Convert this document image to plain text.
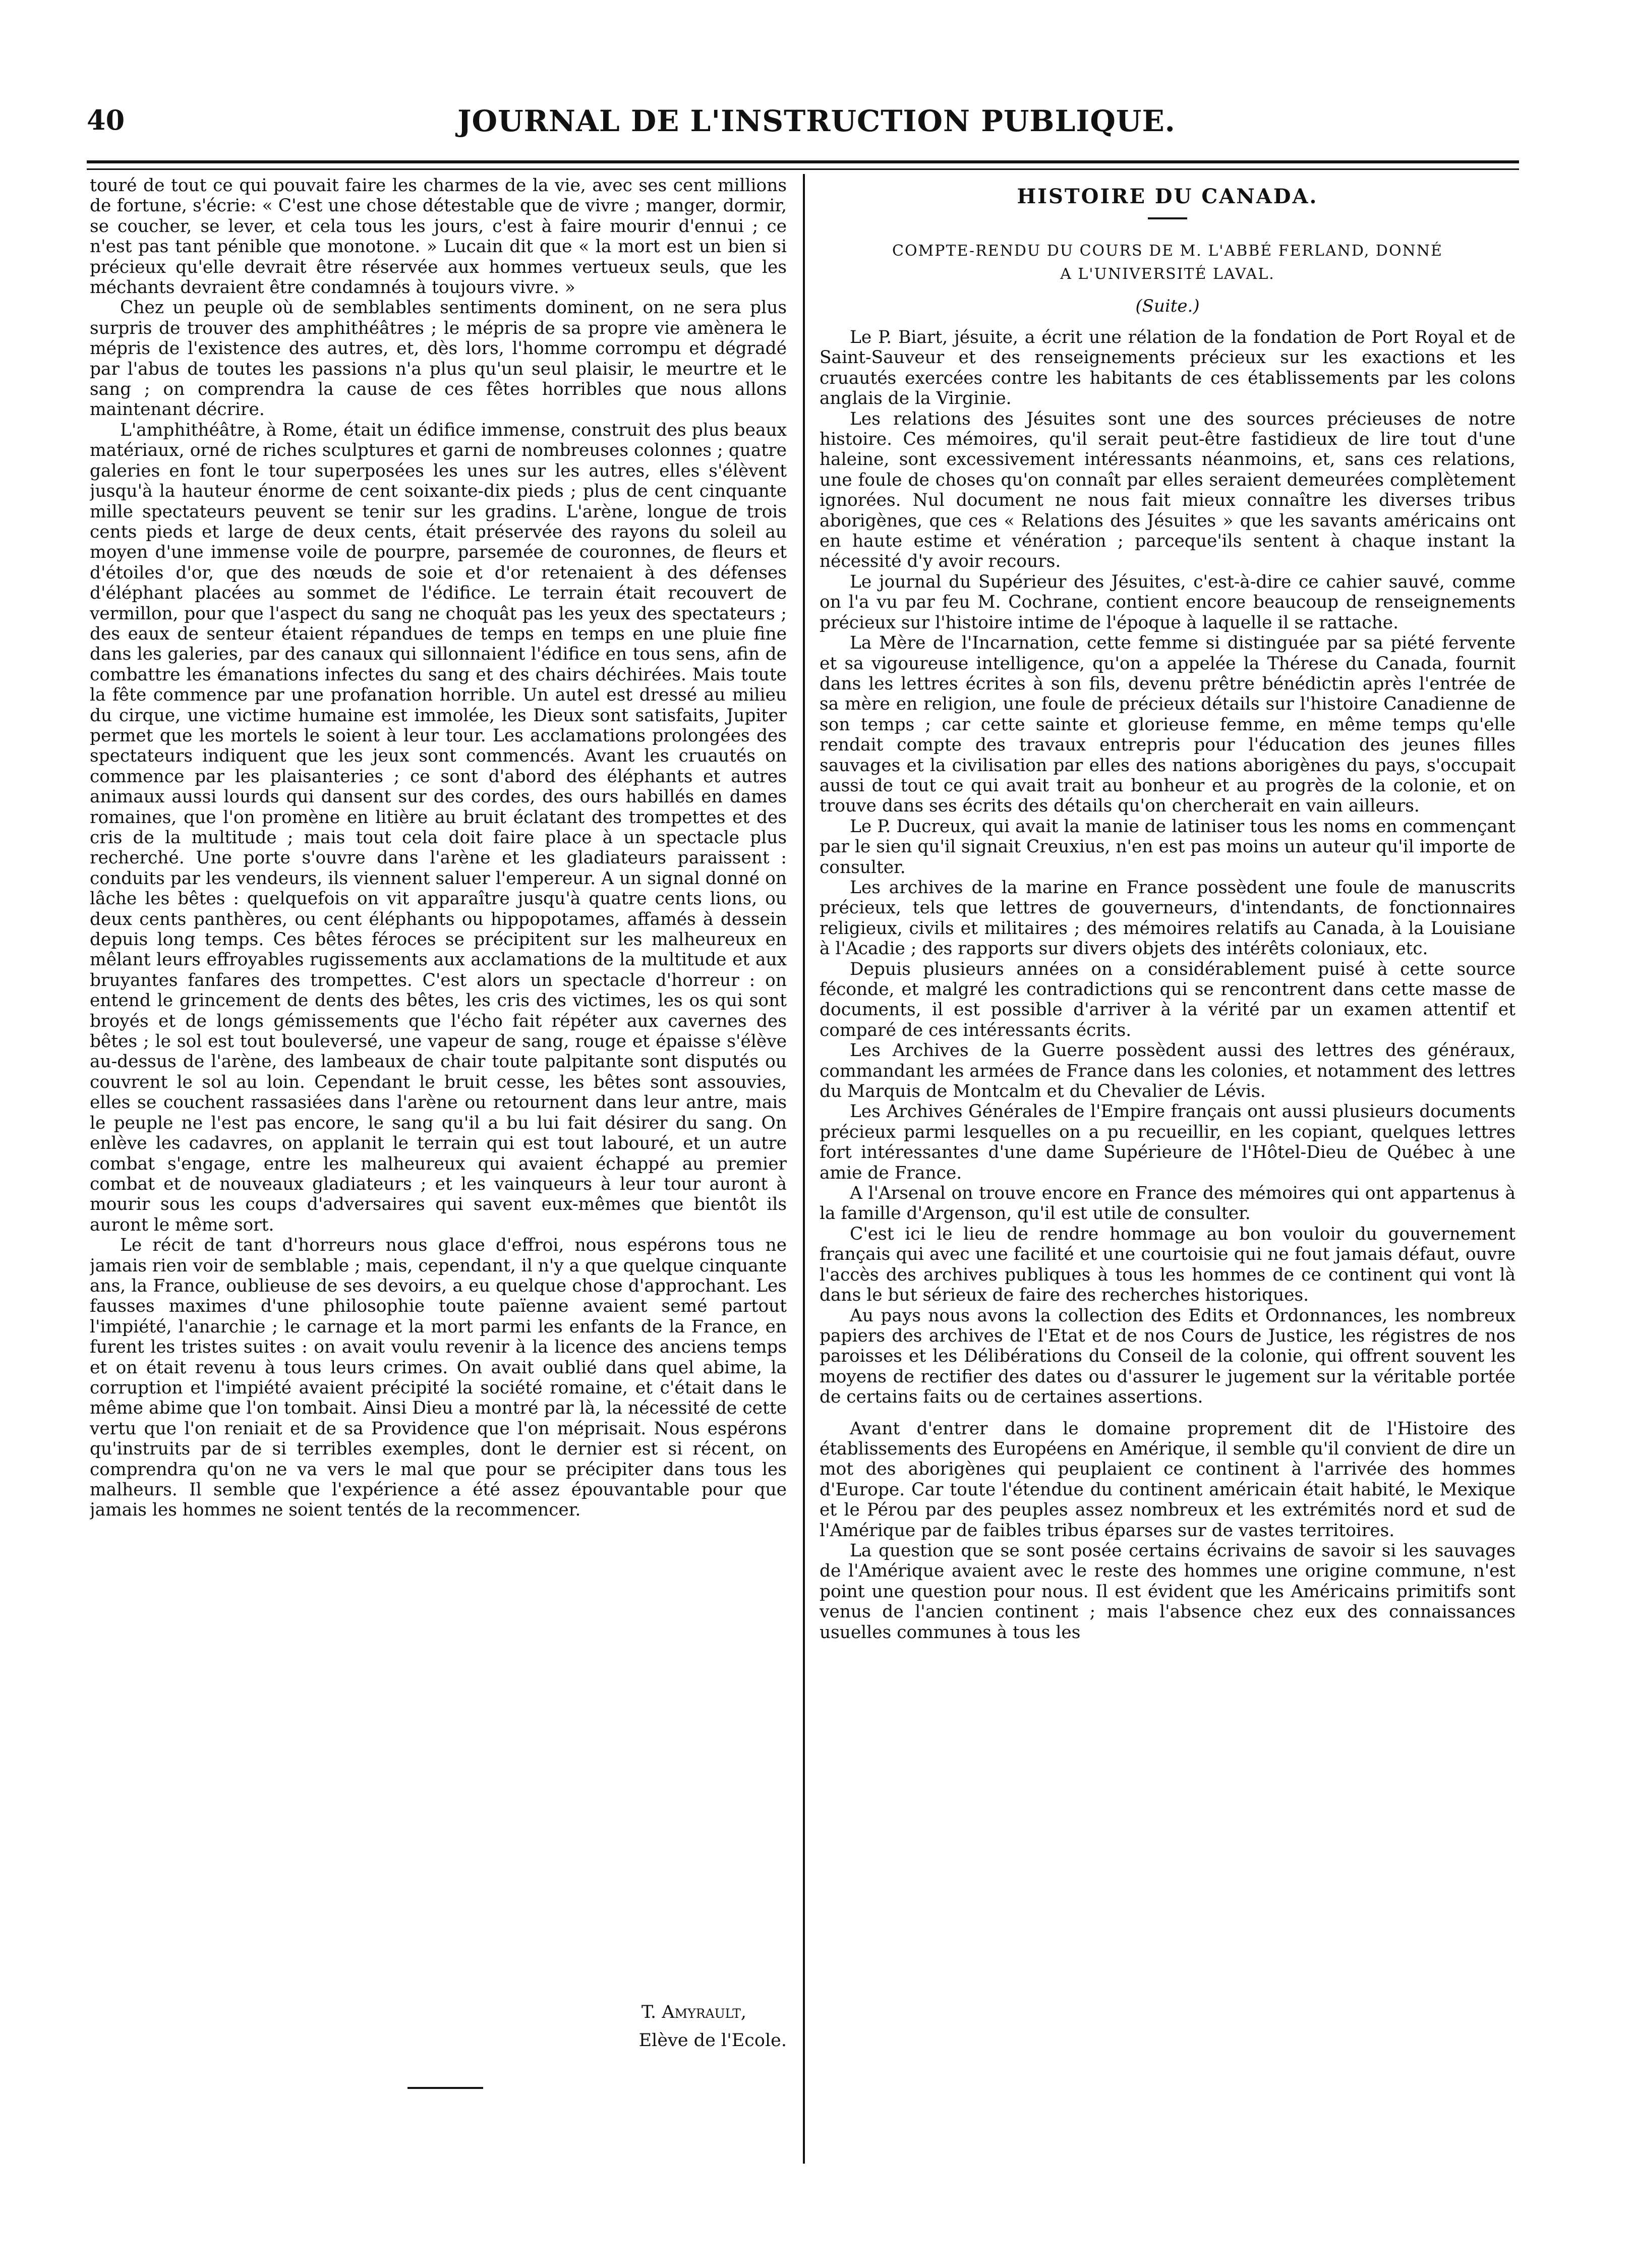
40	JOURNAL DE L'INSTRUCTION PUBLIQUE.

touré de tout ce qui pouvait faire les charmes de la vie, avec ses cent millions de fortune, s'écrie: « C'est une chose détestable que de vivre ; manger, dormir, se coucher, se lever, et cela tous les jours, c'est à faire mourir d'ennui ; ce n'est pas tant pénible que monotone. » Lucain dit que « la mort est un bien si précieux qu'elle devrait être réservée aux hommes vertueux seuls, que les méchants devraient être condamnés à toujours vivre. »

Chez un peuple où de semblables sentiments dominent, on ne sera plus surpris de trouver des amphithéâtres ; le mépris de sa propre vie amènera le mépris de l'existence des autres, et, dès lors, l'homme corrompu et dégradé par l'abus de toutes les passions n'a plus qu'un seul plaisir, le meurtre et le sang ; on comprendra la cause de ces fêtes horribles que nous allons maintenant décrire.

L'amphithéâtre, à Rome, était un édifice immense, construit des plus beaux matériaux, orné de riches sculptures et garni de nombreuses colonnes ; quatre galeries en font le tour superposées les unes sur les autres, elles s'élèvent jusqu'à la hauteur énorme de cent soixante-dix pieds ; plus de cent cinquante mille spectateurs peuvent se tenir sur les gradins. L'arène, longue de trois cents pieds et large de deux cents, était préservée des rayons du soleil au moyen d'une immense voile de pourpre, parsemée de couronnes, de fleurs et d'étoiles d'or, que des nœuds de soie et d'or retenaient à des défenses d'éléphant placées au sommet de l'édifice. Le terrain était recouvert de vermillon, pour que l'aspect du sang ne choquât pas les yeux des spectateurs ; des eaux de senteur étaient répandues de temps en temps en une pluie fine dans les galeries, par des canaux qui sillonnaient l'édifice en tous sens, afin de combattre les émanations infectes du sang et des chairs déchirées. Mais toute la fête commence par une profanation horrible. Un autel est dressé au milieu du cirque, une victime humaine est immolée, les Dieux sont satisfaits, Jupiter permet que les mortels le soient à leur tour. Les acclamations prolongées des spectateurs indiquent que les jeux sont commencés. Avant les cruautés on commence par les plaisanteries ; ce sont d'abord des éléphants et autres animaux aussi lourds qui dansent sur des cordes, des ours habillés en dames romaines, que l'on promène en litière au bruit éclatant des trompettes et des cris de la multitude ; mais tout cela doit faire place à un spectacle plus recherché. Une porte s'ouvre dans l'arène et les gladiateurs paraissent : conduits par les vendeurs, ils viennent saluer l'empereur. A un signal donné on lâche les bêtes : quelquefois on vit apparaître jusqu'à quatre cents lions, ou deux cents panthères, ou cent éléphants ou hippopotames, affamés à dessein depuis long temps. Ces bêtes féroces se précipitent sur les malheureux en mêlant leurs effroyables rugissements aux acclamations de la multitude et aux bruyantes fanfares des trompettes. C'est alors un spectacle d'horreur : on entend le grincement de dents des bêtes, les cris des victimes, les os qui sont broyés et de longs gémissements que l'écho fait répéter aux cavernes des bêtes ; le sol est tout bouleversé, une vapeur de sang, rouge et épaisse s'élève au-dessus de l'arène, des lambeaux de chair toute palpitante sont disputés ou couvrent le sol au loin. Cependant le bruit cesse, les bêtes sont assouvies, elles se couchent rassasiées dans l'arène ou retournent dans leur antre, mais le peuple ne l'est pas encore, le sang qu'il a bu lui fait désirer du sang. On enlève les cadavres, on applanit le terrain qui est tout labouré, et un autre combat s'engage, entre les malheureux qui avaient échappé au premier combat et de nouveaux gladiateurs ; et les vainqueurs à leur tour auront à mourir sous les coups d'adversaires qui savent eux-mêmes que bientôt ils auront le même sort.

Le récit de tant d'horreurs nous glace d'effroi, nous espérons tous ne jamais rien voir de semblable ; mais, cependant, il n'y a que quelque cinquante ans, la France, oublieuse de ses devoirs, a eu quelque chose d'approchant. Les fausses maximes d'une philosophie toute païenne avaient semé partout l'impiété, l'anarchie ; le carnage et la mort parmi les enfants de la France, en furent les tristes suites : on avait voulu revenir à la licence des anciens temps et on était revenu à tous leurs crimes. On avait oublié dans quel abime, la corruption et l'impiété avaient précipité la société romaine, et c'était dans le même abime que l'on tombait. Ainsi Dieu a montré par là, la nécessité de cette vertu que l'on reniait et de sa Providence que l'on méprisait. Nous espérons qu'instruits par de si terribles exemples, dont le dernier est si récent, on comprendra qu'on ne va vers le mal que pour se précipiter dans tous les malheurs. Il semble que l'expérience a été assez épouvantable pour que jamais les hommes ne soient tentés de la recommencer.

T. Amyrault,
Elève de l'Ecole.
HISTOIRE DU CANADA.
COMPTE-RENDU DU COURS DE M. L'ABBÉ FERLAND, DONNÉ
A L'UNIVERSITÉ LAVAL.
(Suite.)

Le P. Biart, jésuite, a écrit une rélation de la fondation de Port Royal et de Saint-Sauveur et des renseignements précieux sur les exactions et les cruautés exercées contre les habitants de ces établissements par les colons anglais de la Virginie.

Les relations des Jésuites sont une des sources précieuses de notre histoire. Ces mémoires, qu'il serait peut-être fastidieux de lire tout d'une haleine, sont excessivement intéressants néanmoins, et, sans ces relations, une foule de choses qu'on connaît par elles seraient demeurées complètement ignorées. Nul document ne nous fait mieux connaître les diverses tribus aborigènes, que ces « Relations des Jésuites » que les savants américains ont en haute estime et vénération ; parceque'ils sentent à chaque instant la nécessité d'y avoir recours.

Le journal du Supérieur des Jésuites, c'est-à-dire ce cahier sauvé, comme on l'a vu par feu M. Cochrane, contient encore beaucoup de renseignements précieux sur l'histoire intime de l'époque à laquelle il se rattache.

La Mère de l'Incarnation, cette femme si distinguée par sa piété fervente et sa vigoureuse intelligence, qu'on a appelée la Thérese du Canada, fournit dans les lettres écrites à son fils, devenu prêtre bénédictin après l'entrée de sa mère en religion, une foule de précieux détails sur l'histoire Canadienne de son temps ; car cette sainte et glorieuse femme, en même temps qu'elle rendait compte des travaux entrepris pour l'éducation des jeunes filles sauvages et la civilisation par elles des nations aborigènes du pays, s'occupait aussi de tout ce qui avait trait au bonheur et au progrès de la colonie, et on trouve dans ses écrits des détails qu'on chercherait en vain ailleurs.

Le P. Ducreux, qui avait la manie de latiniser tous les noms en commençant par le sien qu'il signait Creuxius, n'en est pas moins un auteur qu'il importe de consulter.

Les archives de la marine en France possèdent une foule de manuscrits précieux, tels que lettres de gouverneurs, d'intendants, de fonctionnaires religieux, civils et militaires ; des mémoires relatifs au Canada, à la Louisiane à l'Acadie ; des rapports sur divers objets des intérêts coloniaux, etc.

Depuis plusieurs années on a considérablement puisé à cette source féconde, et malgré les contradictions qui se rencontrent dans cette masse de documents, il est possible d'arriver à la vérité par un examen attentif et comparé de ces intéressants écrits.

Les Archives de la Guerre possèdent aussi des lettres des généraux, commandant les armées de France dans les colonies, et notamment des lettres du Marquis de Montcalm et du Chevalier de Lévis.

Les Archives Générales de l'Empire français ont aussi plusieurs documents précieux parmi lesquelles on a pu recueillir, en les copiant, quelques lettres fort intéressantes d'une dame Supérieure de l'Hôtel-Dieu de Québec à une amie de France.

A l'Arsenal on trouve encore en France des mémoires qui ont appartenus à la famille d'Argenson, qu'il est utile de consulter.

C'est ici le lieu de rendre hommage au bon vouloir du gouvernement français qui avec une facilité et une courtoisie qui ne fout jamais défaut, ouvre l'accès des archives publiques à tous les hommes de ce continent qui vont là dans le but sérieux de faire des recherches historiques.

Au pays nous avons la collection des Edits et Ordonnances, les nombreux papiers des archives de l'Etat et de nos Cours de Justice, les régistres de nos paroisses et les Délibérations du Conseil de la colonie, qui offrent souvent les moyens de rectifier des dates ou d'assurer le jugement sur la véritable portée de certains faits ou de certaines assertions.

Avant d'entrer dans le domaine proprement dit de l'Histoire des établissements des Européens en Amérique, il semble qu'il convient de dire un mot des aborigènes qui peuplaient ce continent à l'arrivée des hommes d'Europe. Car toute l'étendue du continent américain était habité, le Mexique et le Pérou par des peuples assez nombreux et les extrémités nord et sud de l'Amérique par de faibles tribus éparses sur de vastes territoires.

La question que se sont posée certains écrivains de savoir si les sauvages de l'Amérique avaient avec le reste des hommes une origine commune, n'est point une question pour nous. Il est évident que les Américains primitifs sont venus de l'ancien continent ; mais l'absence chez eux des connaissances usuelles communes à tous les
